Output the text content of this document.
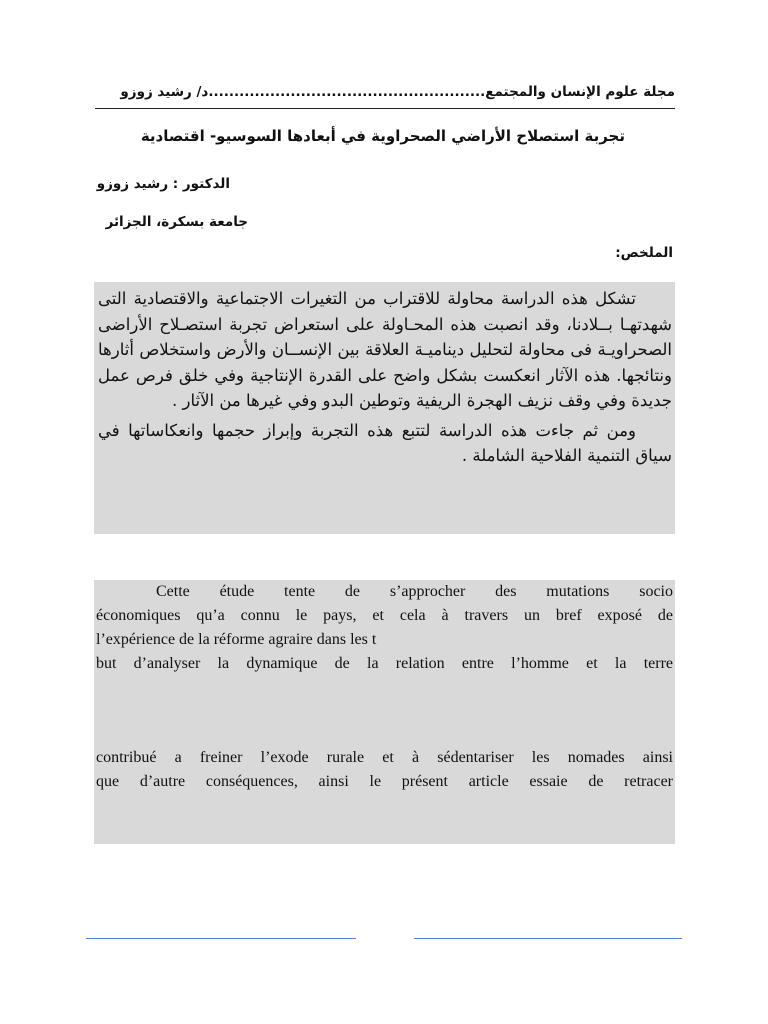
مجلة علوم الإنسان والمجتمع......................................................د/ رشيد زوزو
تجربة استصلاح الأراضي الصحراوية في أبعادها السوسيو- اقتصادية
الدكتور : رشيد زوزو
جامعة بسكرة، الجزائر
الملخص:

تشكل هذه الدراسة محاولة للاقتراب من التغيرات الاجتماعية والاقتصادية التى شهدتهـا بــلادنا، وقد انصبت هذه المحـاولة على استعراض تجربة استصـلاح الأراضى الصحراويـة فى محاولة لتحليل ديناميـة العلاقة بين الإنســان والأرض واستخلاص أثارها ونتائجها. هذه الآثار انعكست بشكل واضح على القدرة الإنتاجية وفي خلق فرص عمل جديدة وفي وقف نزيف الهجرة الريفية وتوطين البدو وفي غيرها من الآثار .

ومن ثم جاءت هذه الدراسة لتتبع هذه التجربة وإبراز حجمها وانعكاساتها في سياق التنمية الفلاحية الشاملة .

Cette étude tente de s’approcher des mutations socio
économiques qu’a connu le pays, et cela à travers un bref exposé de
l’expérience de la réforme agraire dans les t
but d’analyser la dynamique de la relation entre l’homme et la terre
contribué a freiner l’exode rurale et à sédentariser les nomades ainsi
que d’autre conséquences, ainsi le présent article essaie de retracer
